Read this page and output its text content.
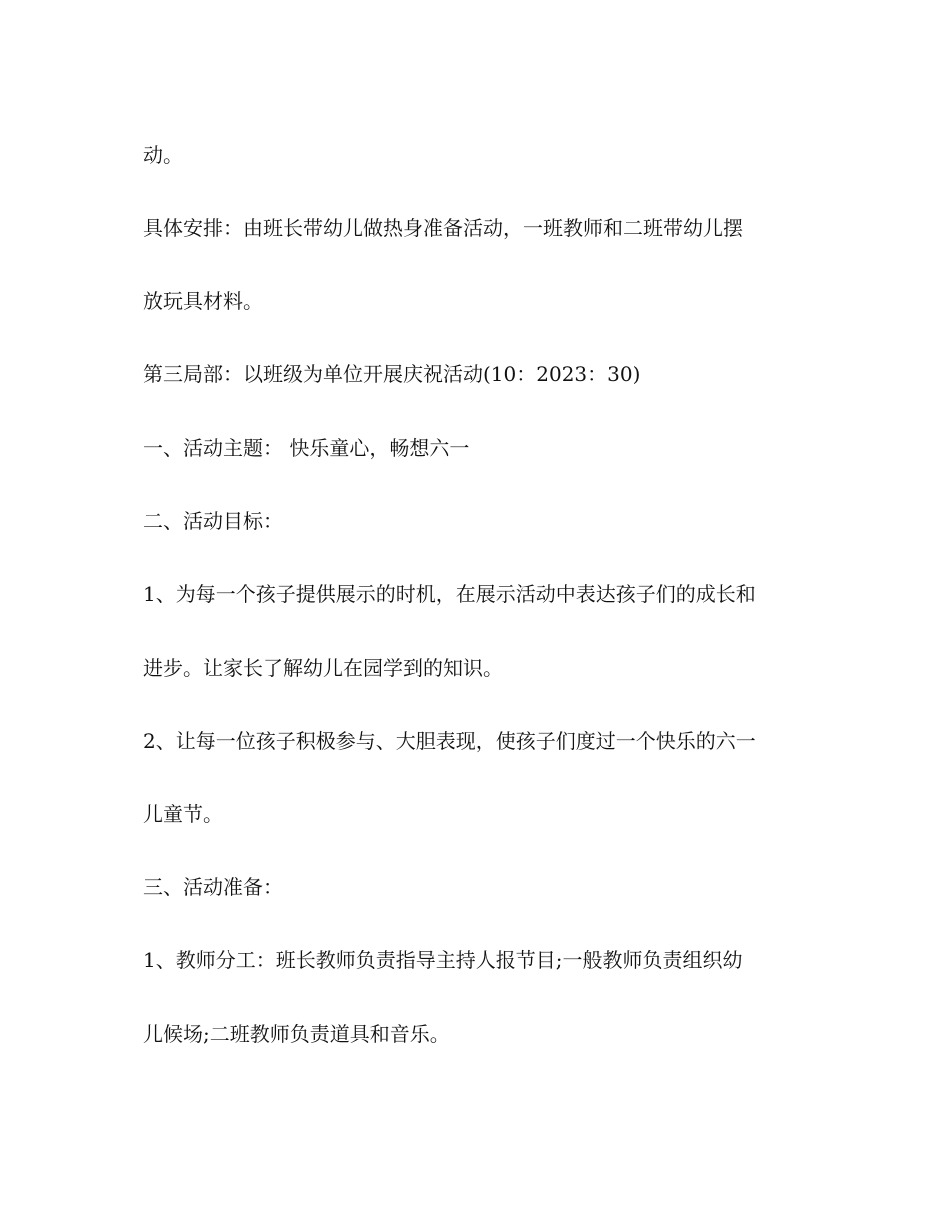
动。
具体安排：由班长带幼儿做热身准备活动，一班教师和二班带幼儿摆
放玩具材料。
第三局部：以班级为单位开展庆祝活动(10：2023：30)
一、活动主题： 快乐童心，畅想六一
二、活动目标：
1、为每一个孩子提供展示的时机，在展示活动中表达孩子们的成长和
进步。让家长了解幼儿在园学到的知识。
2、让每一位孩子积极参与、大胆表现，使孩子们度过一个快乐的六一
儿童节。
三、活动准备：
1、教师分工：班长教师负责指导主持人报节目;一般教师负责组织幼
儿候场;二班教师负责道具和音乐。
